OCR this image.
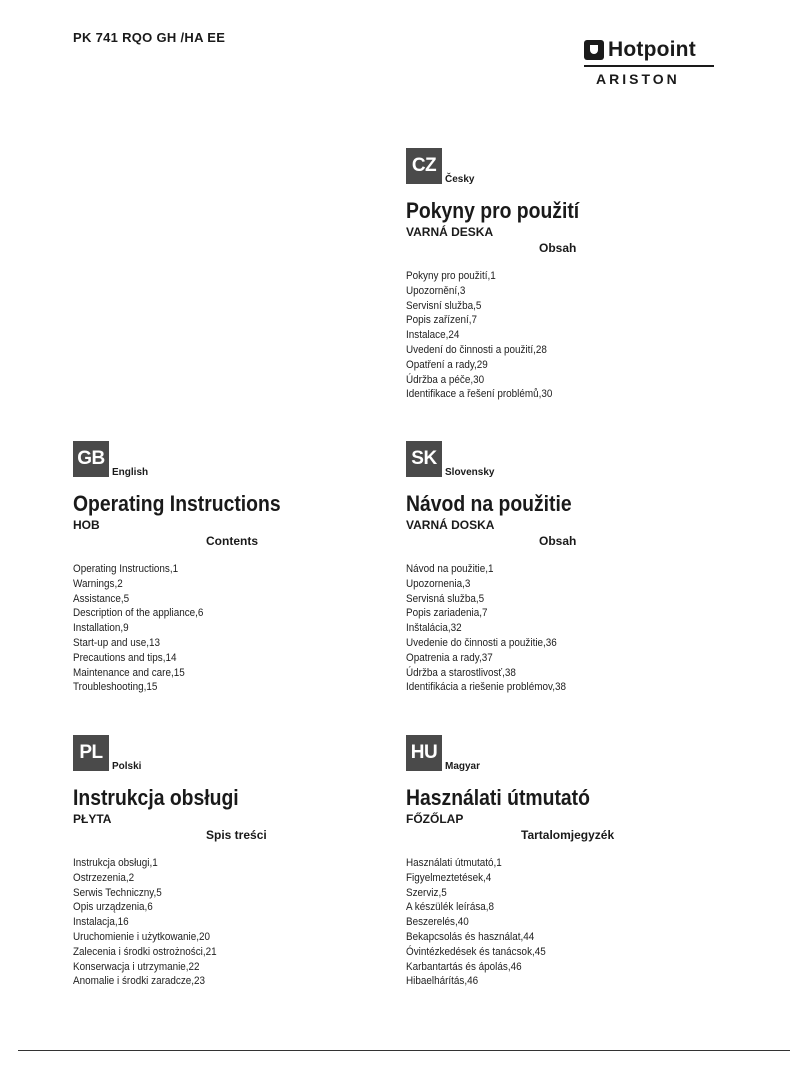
PK 741 RQO GH /HA EE
Hotpoint
ARISTON
CZ
Česky
Pokyny pro použití
VARNÁ DESKA
Obsah
Pokyny pro použití,1
Upozornění,3
Servisní služba,5
Popis zařízení,7
Instalace,24
Uvedení do činnosti a použití,28
Opatření a rady,29
Údržba a péče,30
Identifikace a řešení problémů,30
GB
English
Operating Instructions
HOB
Contents
Operating Instructions,1
Warnings,2
Assistance,5
Description of the appliance,6
Installation,9
Start-up and use,13
Precautions and tips,14
Maintenance and care,15
Troubleshooting,15
SK
Slovensky
Návod na použitie
VARNÁ DOSKA
Obsah
Návod na použitie,1
Upozornenia,3
Servisná služba,5
Popis zariadenia,7
Inštalácia,32
Uvedenie do činnosti a použitie,36
Opatrenia a rady,37
Údržba a starostlivosť,38
Identifikácia a riešenie problémov,38
PL
Polski
Instrukcja obsługi
PŁYTA
Spis treści
Instrukcja obsługi,1
Ostrzezenia,2
Serwis Techniczny,5
Opis urządzenia,6
Instalacja,16
Uruchomienie i użytkowanie,20
Zalecenia i środki ostrożności,21
Konserwacja i utrzymanie,22
Anomalie i środki zaradcze,23
HU
Magyar
Használati útmutató
FŐZŐLAP
Tartalomjegyzék
Használati útmutató,1
Figyelmeztetések,4
Szerviz,5
A készülék leírása,8
Beszerelés,40
Bekapcsolás és használat,44
Óvintézkedések és tanácsok,45
Karbantartás és ápolás,46
Hibaelhárítás,46
